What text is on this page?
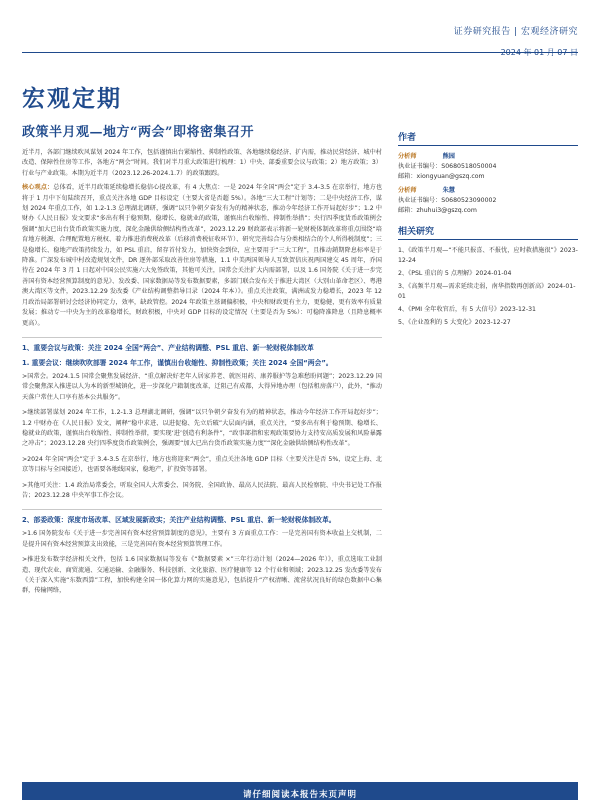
证券研究报告 | 宏观经济研究
宏观定期
政策半月观—地方“两会”即将密集召开

近半月，各部门继续吹风谋划 2024 年工作，包括谨慎出台紧缩性、抑制性政策、各地继续稳经济、扩内需，推动民营经济、城中村改造、保障性住房等工作，各地方“两会”时间。我们对半月重大政策进行梳理：1）中央、部委重要会议与政策；2）地方政策；3）行业与产业政策。本期为近半月（2023.12.26-2024.1.7）的政策跟踪。

核心观点：总体看，近半月政策延续稳增长稳信心提改革，有 4 大焦点：一是 2024 年全国“两会”定于 3.4-3.5 在京举行，地方也将于 1 月中下旬陆续召开，重点关注各地 GDP 目标设定（主要大省是否超 5%）。各地“三大工程”计划等；二是中央经济工作，谋划 2024 年重点工作，如 1.2-1.3 总理湖北调研，强调“以只争朝夕奋发有为的精神状态，推动今年经济工作开局起好步”；1.2 中财办《人民日报》发文要求“多出有利于稳预期、稳增长、稳就业的政策，谨慎出台收缩性、抑制性举措”；央行四季度货币政策例会强调“加大已出台货币政策实施力度，深化金融供给侧结构性改革”，2023.12.29 财政部表示将新一轮财税体制改革将重点围绕“培育地方税源、合理配置地方税权、着力推进消费税改革（后移消费税征收环节）、研究完善综合与分类相结合的个人所得税制度”；三是稳增长、稳地产政策持续发力，如 PSL 重启，留存首付发力，加快资金到位，应主要用于“三大工程”，且推动銷期降息标率是于 降准。广深发布城中村改造规划文件，DR 逐外部采取改善住房等措施，1.1 中美两国领导人互致贺信庆祝两国建交 45 周年，乔国待在 2024 年 3 月 1 日起对中国公民实施六大免签政策，其他可关注，国常会关注扩大内需部署，以及 1.6 国务院《关于进一步完善国有资本经营预算制度的意见》、发改委、国家数据局等发布数据要素，多部门联合发布关于推进大湾区（大别山革命老区）、粤港澳大湾区等文件，2023.12.29 发改委《产业结构调整指导目录（2024 年本）》。重点关注政策，满洲或发力稳增长，2023 年 12 月政治局部署研讨会经济协同定力，效率，缺政管控。2024 年政策主基调偏积极，中央和财政更有主力，更稳健，更有效率有质量发展；推动专一中央为主的改革稳增长，财政积极，中央对 GDP 目标的设定情况（主要是否为 5%）：可稳降准降息（且降息概率更高）。

1、重要会议与政策：关注 2024 全国“两会”、产业结构调整、PSL 重启、新一轮财税体制改革
1. 重要会议：继续吹吹部署 2024 年工作，谨慎出台收缩性、抑制性政策；关注 2024 全国“两会”。

>国常会。2024.1.5 国常会聚焦发展经济、“重点解决好老年人居家养老、就医用药、康养服护等急难愁盼问题”；2023.12.29 国常会聚焦深入推进以人为本的新型城镇化，进一步深化户籍制度改革，迁阻己有成都，大得异地办理（包括租房落户），此外，“推动天落户常住人口享有基本公共服务”。

>继续部署谋划 2024 年工作，1.2-1.3 总理湖北调研，强调“以只争朝夕奋发有为的精神状态，推动今年经济工作开局起好步”；1.2 中财办在《人民日报》发文，阐释“稳中求进、以进促稳、先立后破”大层面内涵，重点关注，“要多出有利于稳预期、稳增长、稳就业的政策，谨慎出台收缩性、抑制性举措，要实现‘进’创造有利条件”，“政事部指和宏观政策要协力支持安高质发展和风险暴露之冲击”；2023.12.28 央行四季度货币政策例会，强调要“加大已出台货币政策实施力度”“深化金融供给侧结构性改革”。

>2024 年全国“两会”定于 3.4-3.5 在京举行，地方也将迎来“两会”，重点关注各地 GDP 目标（主要关注是否 5%，设定上海、北京等目标与全国接近），也需要各地线国家，稳地产，扩投资等部署。

>其他可关注：1.4 政治局常委会，听取全国人大常委会、国务院、全国政协、最高人民法院、最高人民检察院、中央书记处工作报告；2023.12.28 中央军事工作会议。

2、部委政策：深度市场改革、区域发展新政实；关注产业结构调整、PSL 重启、新一轮财税体制改革。

>1.6 国务院发布《关于进一步完善国有资本经营预算制度的意见》，主要有 3 方面重点工作：一是完善国有资本收益上交机制，二是提升国有资本经营预算支出效能，三是完善国有资本经营预算管理工作。

>推进发布数字经济相关文件，包括 1.6 国家数据局等发布《“数据要素 ×”三年行动计划（2024—2026 年）》，重点选取工业制造、现代农业、商贸流通、交通运输、金融服务、科技创新、文化旅游、医疗健康等 12 个行业和领域；2023.12.25 发改委等发布《关于深入实施“东数西算”工程，加快构建全国一体化算力网的实施意见》，包括提升“产权清晰、流营状况良好的绿色数据中心集群，传输网络，

作者
分析师	熊园
执业证书编号：S0680518050004
邮箱：xiongyuan@gszq.com
分析师	朱慧
执业证书编号：S0680523090002
邮箱：zhuhui3@gszq.com
相关研究
1、《政策半月观—“不能只报喜、不报忧，应时救措施很”》2023-12-24
2、《PSL 重启的 5 点理解》2024-01-04
3、《高频半月观—需求延续走弱，南华指数再创新高》2024-01-01
4、《PMI 全年收官后，有 5 大信号》2023-12-31
5、《企业盈利的 5 大变化》2023-12-27
请仔细阅读本报告末页声明
